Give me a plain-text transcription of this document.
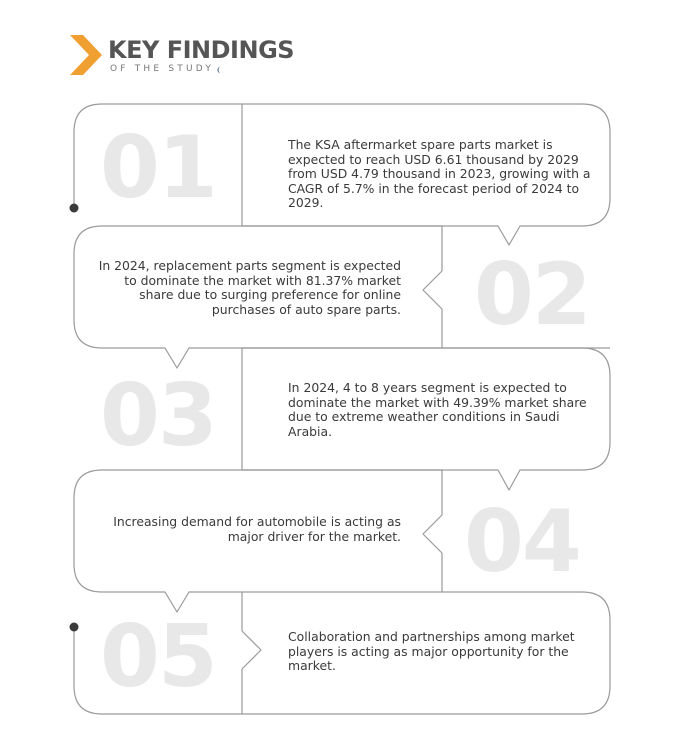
KEY FINDINGS
OF THE STUDY
01
02
03
04
05
The KSA aftermarket spare parts market is expected to reach USD 6.61 thousand by 2029 from USD 4.79 thousand in 2023, growing with a CAGR of 5.7% in the forecast period of 2024 to 2029.
In 2024, replacement parts segment is expected to dominate the market with 81.37% market share due to surging preference for online purchases of auto spare parts.
In 2024, 4 to 8 years segment is expected to dominate the market with 49.39% market share due to extreme weather conditions in Saudi Arabia.
Increasing demand for automobile is acting as major driver for the market.
Collaboration and partnerships among market players is acting as major opportunity for the market.
